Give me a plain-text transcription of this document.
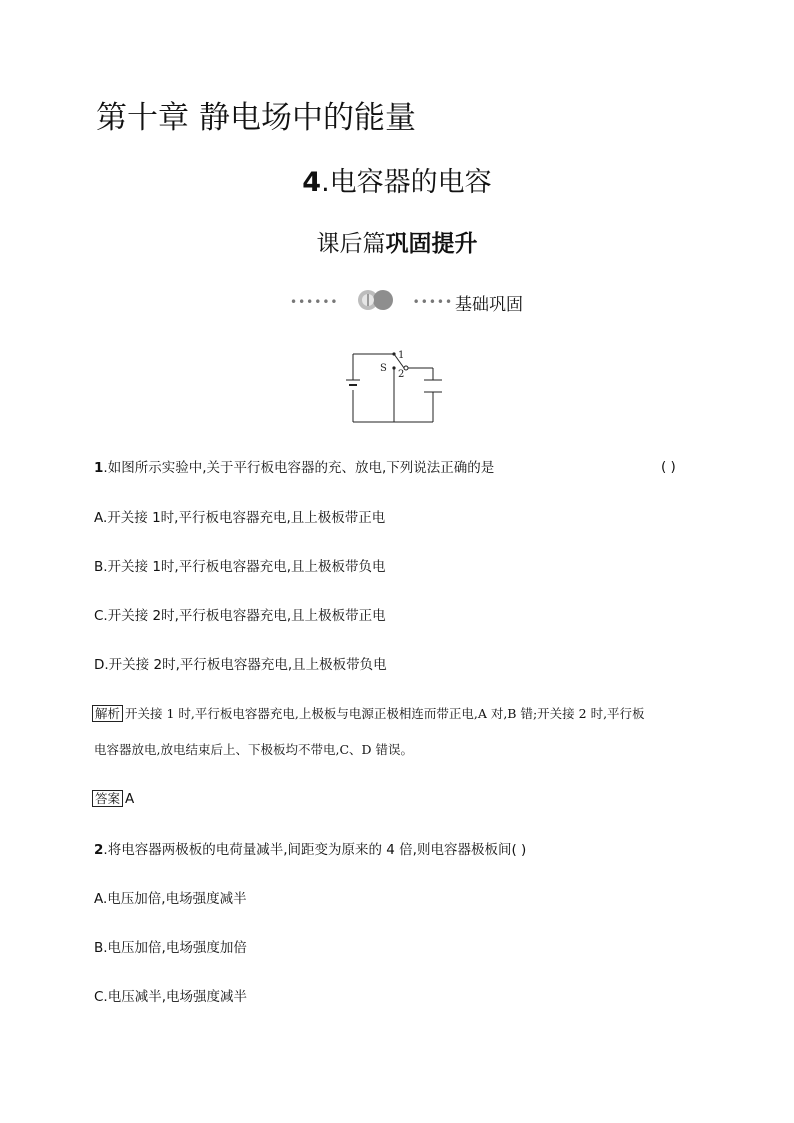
第十章 静电场中的能量
4.电容器的电容
课后篇巩固提升
••••••	••••• 基础巩固
S
1
2
1.如图所示实验中,关于平行板电容器的充、放电,下列说法正确的是	( )
A.开关接 1时,平行板电容器充电,且上极板带正电
B.开关接 1时,平行板电容器充电,且上极板带负电
C.开关接 2时,平行板电容器充电,且上极板带正电
D.开关接 2时,平行板电容器充电,且上极板带负电
解析 开关接 1 时,平行板电容器充电,上极板与电源正极相连而带正电,A 对,B 错;开关接 2 时,平行板
电容器放电,放电结束后上、下极板均不带电,C、D 错误。
答案 A
2.将电容器两极板的电荷量减半,间距变为原来的 4 倍,则电容器极板间( )
A.电压加倍,电场强度减半
B.电压加倍,电场强度加倍
C.电压减半,电场强度减半
